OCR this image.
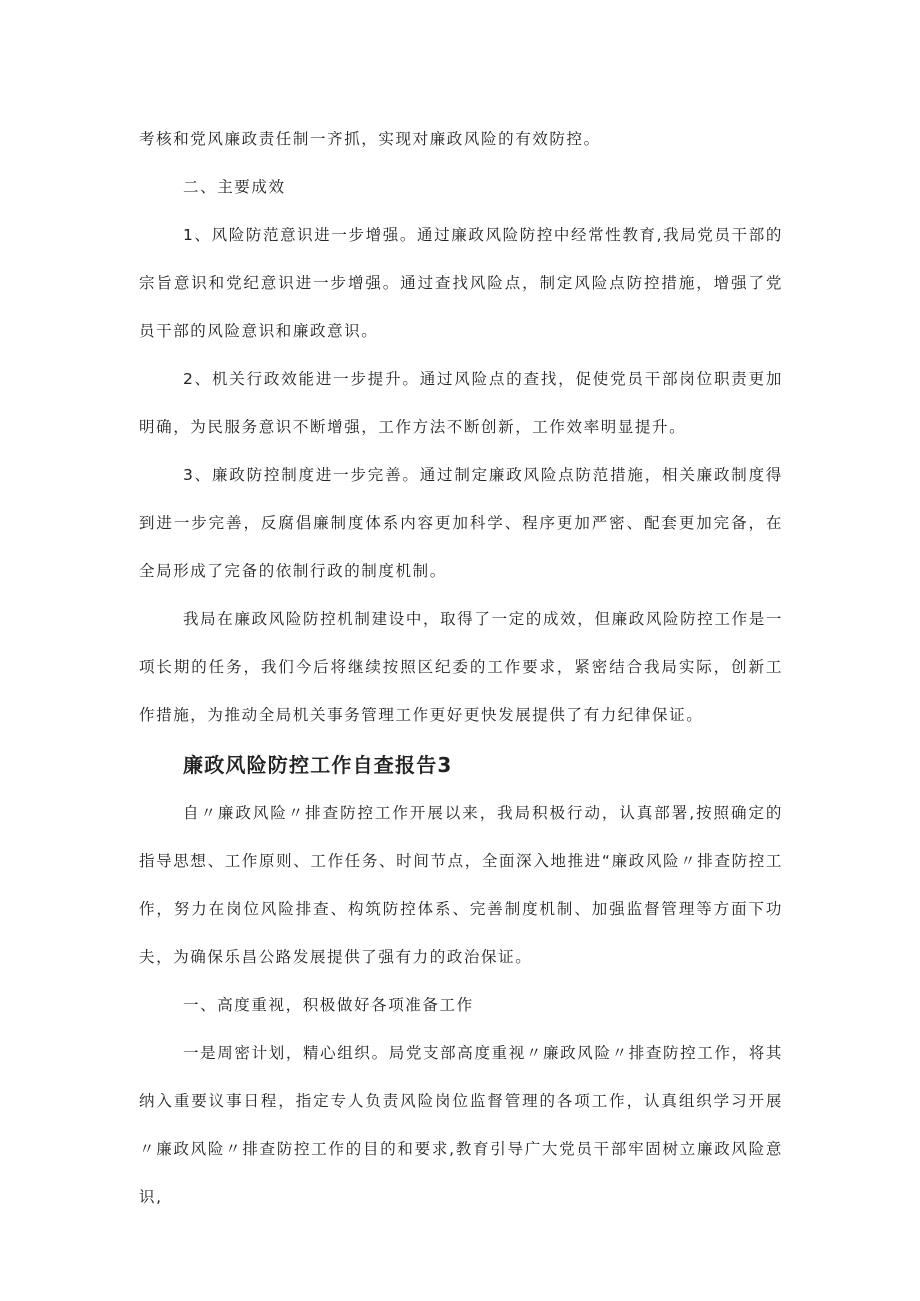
考核和党风廉政责任制一齐抓，实现对廉政风险的有效防控。

二、主要成效

1、风险防范意识进一步增强。通过廉政风险防控中经常性教育,我局党员干部的宗旨意识和党纪意识进一步增强。通过查找风险点，制定风险点防控措施，增强了党员干部的风险意识和廉政意识。

2、机关行政效能进一步提升。通过风险点的查找，促使党员干部岗位职责更加明确，为民服务意识不断增强，工作方法不断创新，工作效率明显提升。

3、廉政防控制度进一步完善。通过制定廉政风险点防范措施，相关廉政制度得到进一步完善，反腐倡廉制度体系内容更加科学、程序更加严密、配套更加完备，在全局形成了完备的依制行政的制度机制。

我局在廉政风险防控机制建设中，取得了一定的成效，但廉政风险防控工作是一项长期的任务，我们今后将继续按照区纪委的工作要求，紧密结合我局实际，创新工作措施，为推动全局机关事务管理工作更好更快发展提供了有力纪律保证。

廉政风险防控工作自查报告3

自〃廉政风险〃排查防控工作开展以来，我局积极行动，认真部署,按照确定的指导思想、工作原则、工作任务、时间节点，全面深入地推进“廉政风险〃排查防控工作，努力在岗位风险排查、构筑防控体系、完善制度机制、加强监督管理等方面下功夫，为确保乐昌公路发展提供了强有力的政治保证。

一、高度重视，积极做好各项准备工作

一是周密计划，精心组织。局党支部高度重视〃廉政风险〃排查防控工作，将其纳入重要议事日程，指定专人负责风险岗位监督管理的各项工作，认真组织学习开展〃廉政风险〃排查防控工作的目的和要求,教育引导广大党员干部牢固树立廉政风险意识,
